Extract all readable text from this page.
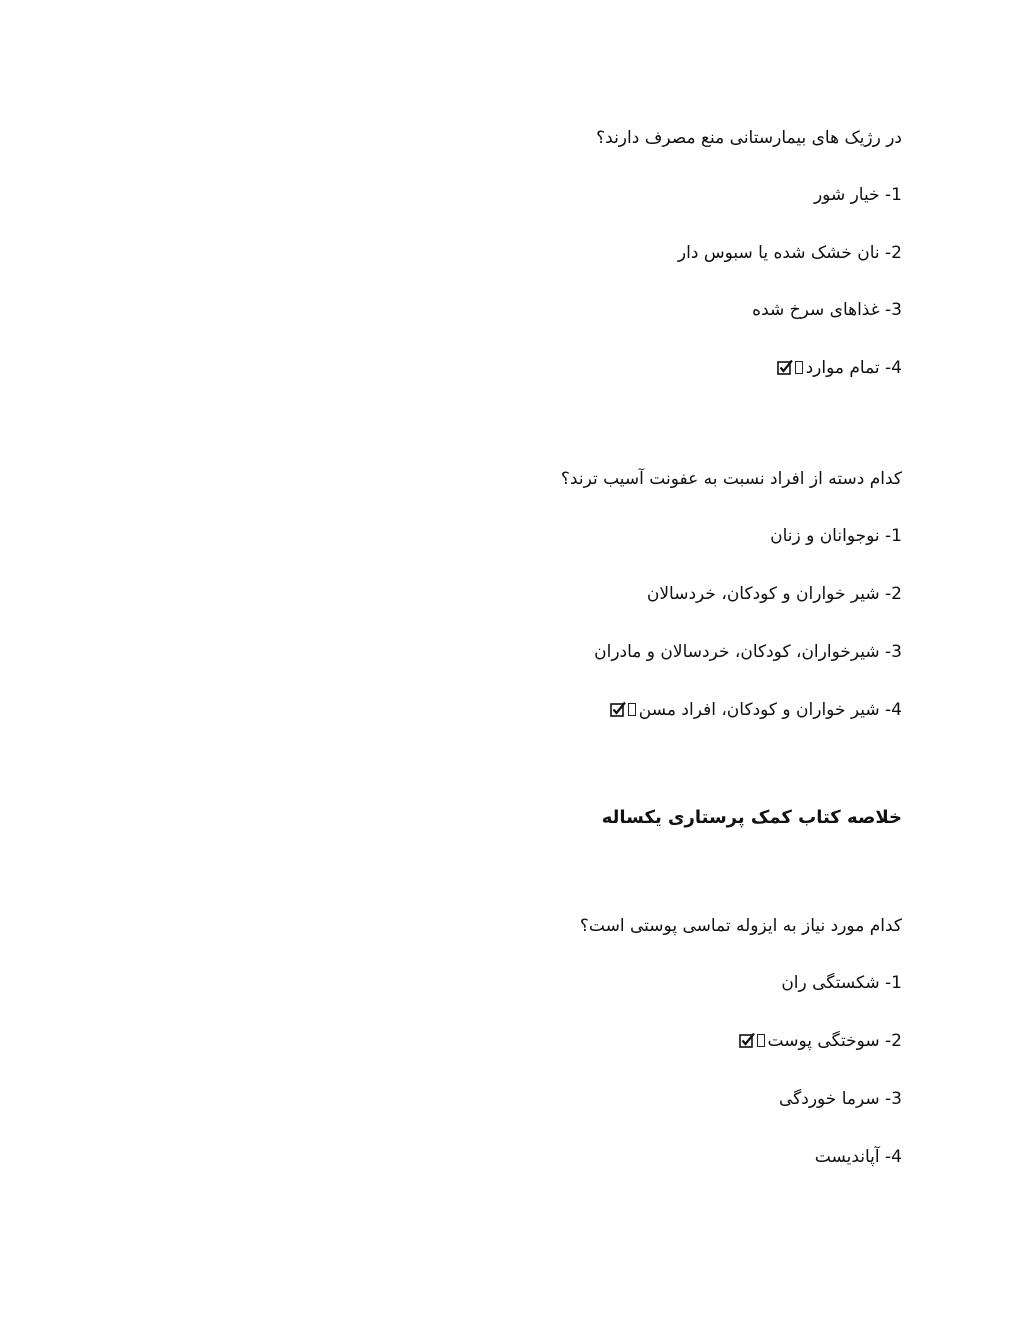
در رژیک های بیمارستانی منع مصرف دارند؟
1- خیار شور
2- نان خشک شده یا سبوس دار
3- غذاهای سرخ شده
4- تمام موارد
کدام دسته از افراد نسبت به عفونت آسیب ترند؟
1- نوجوانان و زنان
2- شیر خواران و کودکان، خردسالان
3- شیرخواران، کودکان، خردسالان و مادران
4- شیر خواران و کودکان، افراد مسن
خلاصه کتاب کمک پرستاری یکساله
کدام مورد نیاز به ایزوله تماسی پوستی است؟
1- شکستگی ران
2- سوختگی پوست
3- سرما خوردگی
4- آپاندیست
